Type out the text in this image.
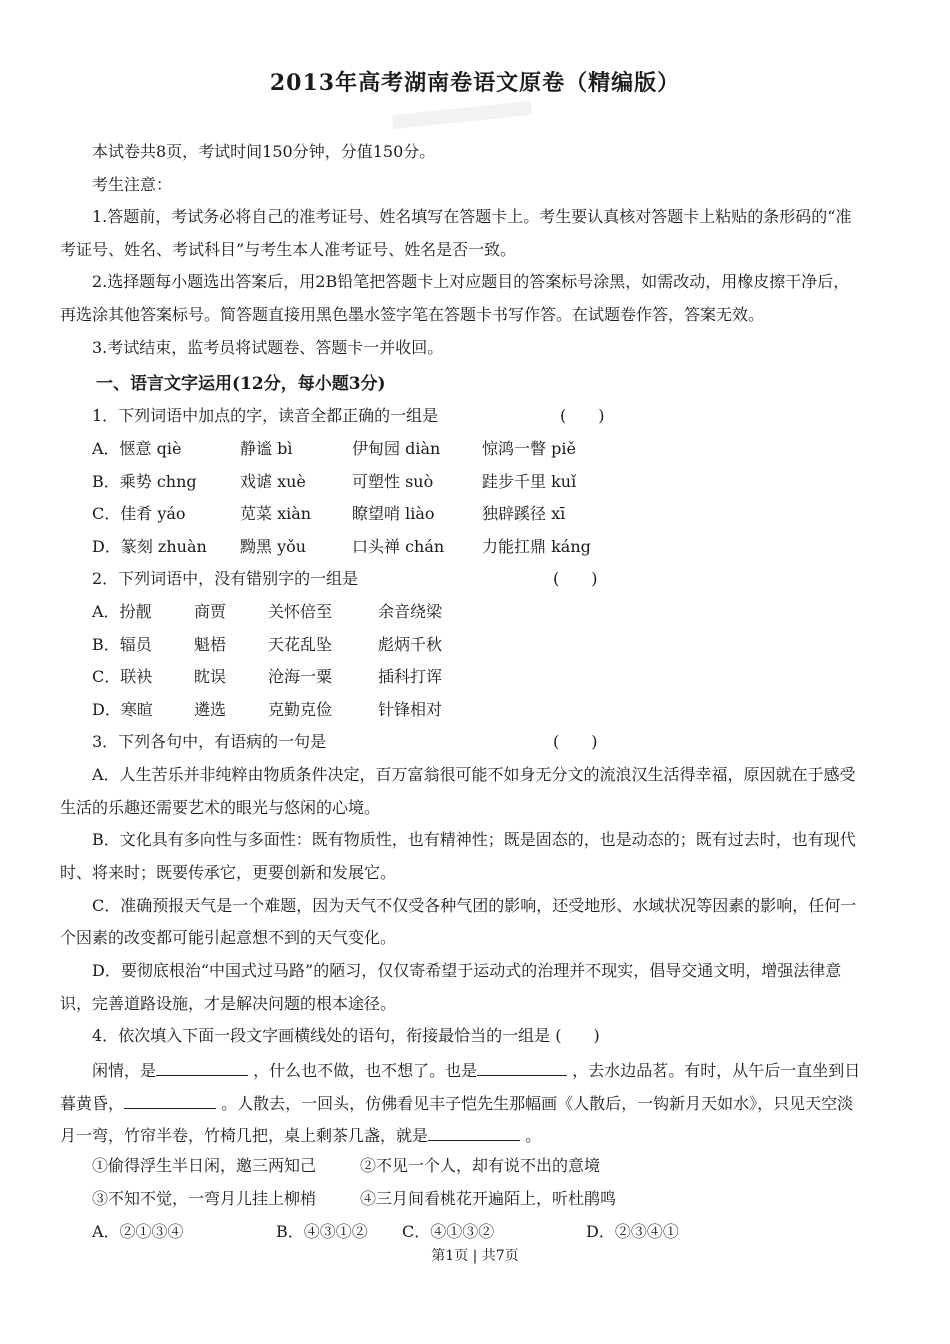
2013年高考湖南卷语文原卷（精编版）
本试卷共8页，考试时间150分钟，分值150分。
考生注意：
1.答题前，考试务必将自己的准考证号、姓名填写在答题卡上。考生要认真核对答题卡上粘贴的条形码的“准
考证号、姓名、考试科目”与考生本人准考证号、姓名是否一致。
2.选择题每小题选出答案后，用2B铅笔把答题卡上对应题目的答案标号涂黑，如需改动，用橡皮擦干净后，
再选涂其他答案标号。简答题直接用黑色墨水签字笔在答题卡书写作答。在试题卷作答，答案无效。
3.考试结束，监考员将试题卷、答题卡一并收回。
一、语言文字运用(12分，每小题3分)
1．下列词语中加点的字，读音全都正确的一组是	(　　)
A．惬意 qiè	静谧 bì	伊甸园 diàn	惊鸿一瞥 piě
B．乘势 chng	戏谑 xuè	可塑性 suò	跬步千里 kuǐ
C．佳肴 yáo	苋菜 xiàn	瞭望哨 liào	独辟蹊径 xī
D．篆刻 zhuàn 黝黑 yǒu	口头禅 chán 力能扛鼎 káng
2．下列词语中，没有错别字的一组是	(　　)
A．扮靓	商贾	关怀倍至	余音绕梁
B．辐员	魁梧	天花乱坠	彪炳千秋
C．联袂	眈误	沧海一粟	插科打诨
D．寒暄	遴选	克勤克俭	针锋相对
3．下列各句中，有语病的一句是	(　　)
A．人生苦乐并非纯粹由物质条件决定，百万富翁很可能不如身无分文的流浪汉生活得幸福，原因就在于感受
生活的乐趣还需要艺术的眼光与悠闲的心境。
B．文化具有多向性与多面性：既有物质性，也有精神性；既是固态的，也是动态的；既有过去时，也有现代
时、将来时；既要传承它，更要创新和发展它。
C．准确预报天气是一个难题，因为天气不仅受各种气团的影响，还受地形、水域状况等因素的影响，任何一
个因素的改变都可能引起意想不到的天气变化。
D．要彻底根治“中国式过马路”的陋习，仅仅寄希望于运动式的治理并不现实，倡导交通文明，增强法律意
识，完善道路设施，才是解决问题的根本途径。
4．依次填入下面一段文字画横线处的语句，衔接最恰当的一组是 (　　)
闲情，是	，什么也不做，也不想了。也是	，去水边品茗。有时，从午后一直坐到日
暮黄昏，	。人散去，一回头，仿佛看见丰子恺先生那幅画《人散后，一钩新月天如水》，只见天空淡
月一弯，竹帘半卷，竹椅几把，桌上剩茶几盏，就是	。
①偷得浮生半日闲，邀三两知己	②不见一个人，却有说不出的意境
③不知不觉，一弯月儿挂上柳梢	④三月间看桃花开遍陌上，听杜鹃鸣
A．②①③④	B．④③①② C．④①③②	D．②③④①
第1页 | 共7页
